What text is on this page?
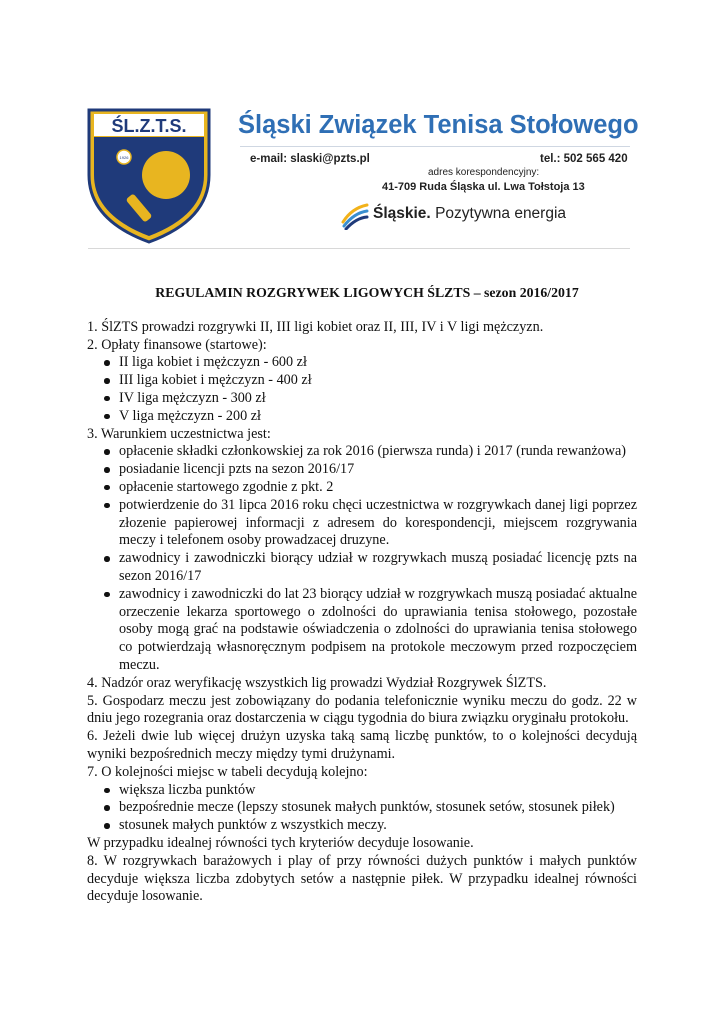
ŚL.Z.T.S.
1926
Śląski Związek Tenisa Stołowego
e-mail: slaski@pzts.pl	tel.: 502 565 420
adres korespondencyjny:
41-709 Ruda Śląska ul. Lwa Tołstoja 13
Śląskie. Pozytywna energia
REGULAMIN ROZGRYWEK LIGOWYCH ŚLZTS – sezon 2016/2017

1. ŚlZTS prowadzi rozgrywki II, III ligi kobiet oraz II, III, IV i V ligi mężczyzn.

2. Opłaty finansowe (startowe):

II liga kobiet i mężczyzn - 600 zł
III liga kobiet i mężczyzn - 400 zł
IV liga mężczyzn - 300 zł
V liga mężczyzn - 200 zł

3. Warunkiem uczestnictwa jest:

opłacenie składki członkowskiej za rok 2016 (pierwsza runda) i 2017 (runda rewanżowa)
posiadanie licencji pzts na sezon 2016/17
opłacenie startowego zgodnie z pkt. 2
potwierdzenie do 31 lipca 2016 roku chęci uczestnictwa w rozgrywkach danej ligi poprzez złozenie papierowej informacji z adresem do korespondencji, miejscem rozgrywania meczy i telefonem osoby prowadzacej druzyne.
zawodnicy i zawodniczki biorący udział w rozgrywkach muszą posiadać licencję pzts na sezon 2016/17
zawodnicy i zawodniczki do lat 23 biorący udział w rozgrywkach muszą posiadać aktualne orzeczenie lekarza sportowego o zdolności do uprawiania tenisa stołowego, pozostałe osoby mogą grać na podstawie oświadczenia o zdolności do uprawiania tenisa stołowego co potwierdzają własnoręcznym podpisem na protokole meczowym przed rozpoczęciem meczu.

4. Nadzór oraz weryfikację wszystkich lig prowadzi Wydział Rozgrywek ŚlZTS.

5. Gospodarz meczu jest zobowiązany do podania telefonicznie wyniku meczu do godz. 22 w dniu jego rozegrania oraz dostarczenia w ciągu tygodnia do biura związku oryginału protokołu.

6. Jeżeli dwie lub więcej drużyn uzyska taką samą liczbę punktów, to o kolejności decydują wyniki bezpośrednich meczy między tymi drużynami.

7. O kolejności miejsc w tabeli decydują kolejno:

większa liczba punktów
bezpośrednie mecze (lepszy stosunek małych punktów, stosunek setów, stosunek piłek)
stosunek małych punktów z wszystkich meczy.

W przypadku idealnej równości tych kryteriów decyduje losowanie.

8. W rozgrywkach barażowych i play of przy równości dużych punktów i małych punktów decyduje większa liczba zdobytych setów a następnie piłek. W przypadku idealnej równości decyduje losowanie.
